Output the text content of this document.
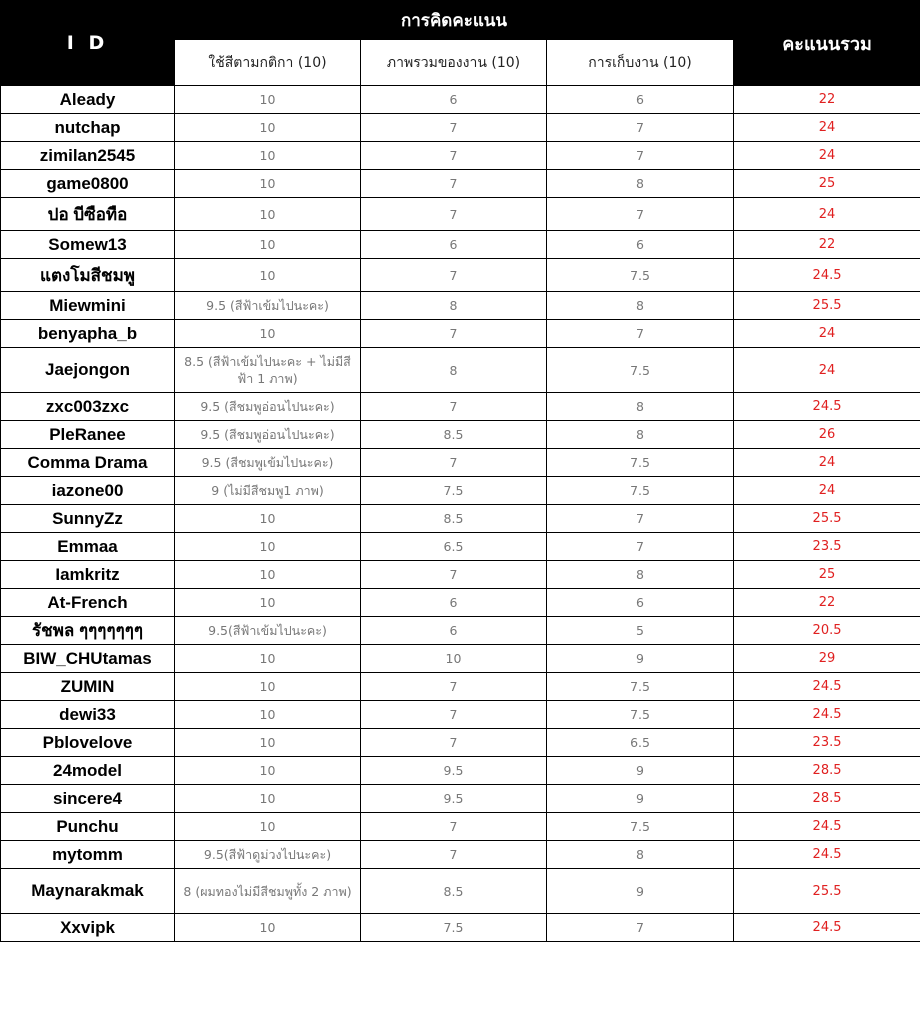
I D	การคิดคะแนน			คะแนนรวม
	ใช้สีตามกติกา (10)	ภาพรวมของงาน (10)	การเก็บงาน (10)	
Aleady	10	6	6	22
nutchap	10	7	7	24
zimilan2545	10	7	7	24
game0800	10	7	8	25
ปอ บีซือทือ	10	7	7	24
Somew13	10	6	6	22
แตงโมสีชมพู	10	7	7.5	24.5
Miewmini	9.5 (สีฟ้าเข้มไปนะคะ)	8	8	25.5
benyapha_b	10	7	7	24
Jaejongon	8.5 (สีฟ้าเข้มไปนะคะ + ไม่มีสีฟ้า 1 ภาพ)	8	7.5	24
zxc003zxc	9.5 (สีชมพูอ่อนไปนะคะ)	7	8	24.5
PleRanee	9.5 (สีชมพูอ่อนไปนะคะ)	8.5	8	26
Comma Drama	9.5 (สีชมพูเข้มไปนะคะ)	7	7.5	24
iazone00	9 (ไม่มีสีชมพู1 ภาพ)	7.5	7.5	24
SunnyZz	10	8.5	7	25.5
Emmaa	10	6.5	7	23.5
Iamkritz	10	7	8	25
At-French	10	6	6	22
รัชพล ๆๆๆๆๆๆๆ	9.5(สีฟ้าเข้มไปนะคะ)	6	5	20.5
BIW_CHUtamas	10	10	9	29
ZUMIN	10	7	7.5	24.5
dewi33	10	7	7.5	24.5
Pblovelove	10	7	6.5	23.5
24model	10	9.5	9	28.5
sincere4	10	9.5	9	28.5
Punchu	10	7	7.5	24.5
mytomm	9.5(สีฟ้าดูม่วงไปนะคะ)	7	8	24.5
Maynarakmak	8 (ผมทองไม่มีสีชมพูทั้ง 2 ภาพ)	8.5	9	25.5
Xxvipk	10	7.5	7	24.5
